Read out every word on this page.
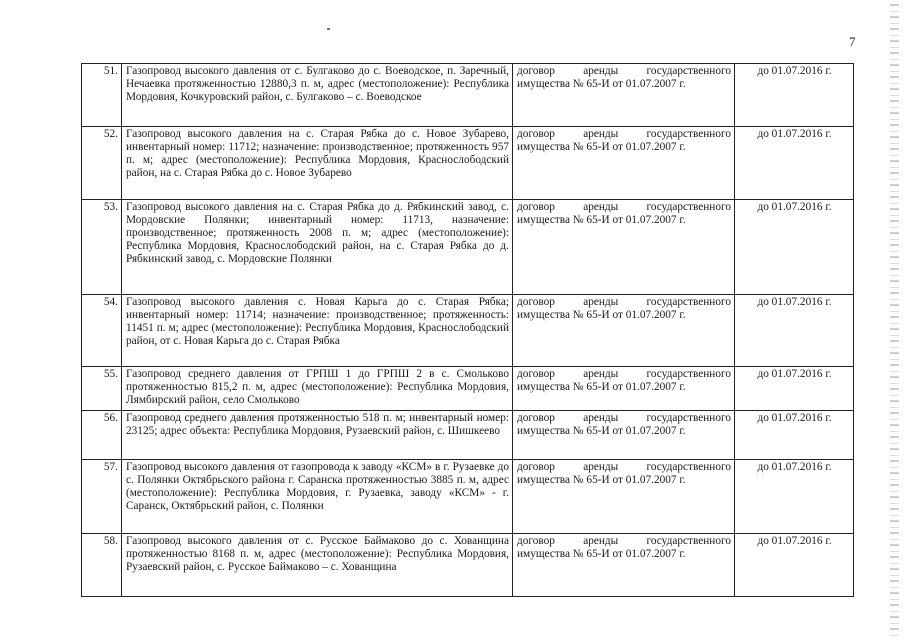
7
51.	Газопровод высокого давления от с. Булгаково до с. Воеводское, п. Заречный, Нечаевка протяженностью 12880,3 п. м, адрес (местоположение): Республика Мордовия, Кочкуровский район, с. Булгаково – с. Воеводское	договор аренды государственного имущества № 65-И от 01.07.2007 г.	до 01.07.2016 г.
52.	Газопровод высокого давления на с. Старая Рябка до с. Новое Зубарево, инвентарный номер: 11712; назначение: производственное; протяженность 957 п. м; адрес (местоположение): Республика Мордовия, Краснослободский район, на с. Старая Рябка до с. Новое Зубарево	договор аренды государственного имущества № 65-И от 01.07.2007 г.	до 01.07.2016 г.
53.	Газопровод высокого давления на с. Старая Рябка до д. Рябкинский завод, с. Мордовские Полянки; инвентарный номер: 11713, назначение: производственное; протяженность 2008 п. м; адрес (местоположение): Республика Мордовия, Краснослободский район, на с. Старая Рябка до д. Рябкинский завод, с. Мордовские Полянки	договор аренды государственного имущества № 65-И от 01.07.2007 г.	до 01.07.2016 г.
54.	Газопровод высокого давления с. Новая Карьга до с. Старая Рябка; инвентарный номер: 11714; назначение: производственное; протяженность: 11451 п. м; адрес (местоположение): Республика Мордовия, Краснослободский район, от с. Новая Карьга до с. Старая Рябка	договор аренды государственного имущества № 65-И от 01.07.2007 г.	до 01.07.2016 г.
55.	Газопровод среднего давления от ГРПШ 1 до ГРПШ 2 в с. Смольково протяженностью 815,2 п. м, адрес (местоположение): Республика Мордовия, Лямбирский район, село Смольково	договор аренды государственного имущества № 65-И от 01.07.2007 г.	до 01.07.2016 г.
56.	Газопровод среднего давления протяженностью 518 п. м; инвентарный номер: 23125; адрес объекта: Республика Мордовия, Рузаевский район, с. Шишкеево	договор аренды государственного имущества № 65-И от 01.07.2007 г.	до 01.07.2016 г.
57.	Газопровод высокого давления от газопровода к заводу «КСМ» в г. Рузаевке до с. Полянки Октябрьского района г. Саранска протяженностью 3885 п. м, адрес (местоположение): Республика Мордовия, г. Рузаевка, заводу «КСМ» - г. Саранск, Октябрьский район, с. Полянки	договор аренды государственного имущества № 65-И от 01.07.2007 г.	до 01.07.2016 г.
58.	Газопровод высокого давления от с. Русское Баймаково до с. Хованщина протяженностью 8168 п. м, адрес (местоположение): Республика Мордовия, Рузаевский район, с. Русское Баймаково – с. Хованщина	договор аренды государственного имущества № 65-И от 01.07.2007 г.	до 01.07.2016 г.
